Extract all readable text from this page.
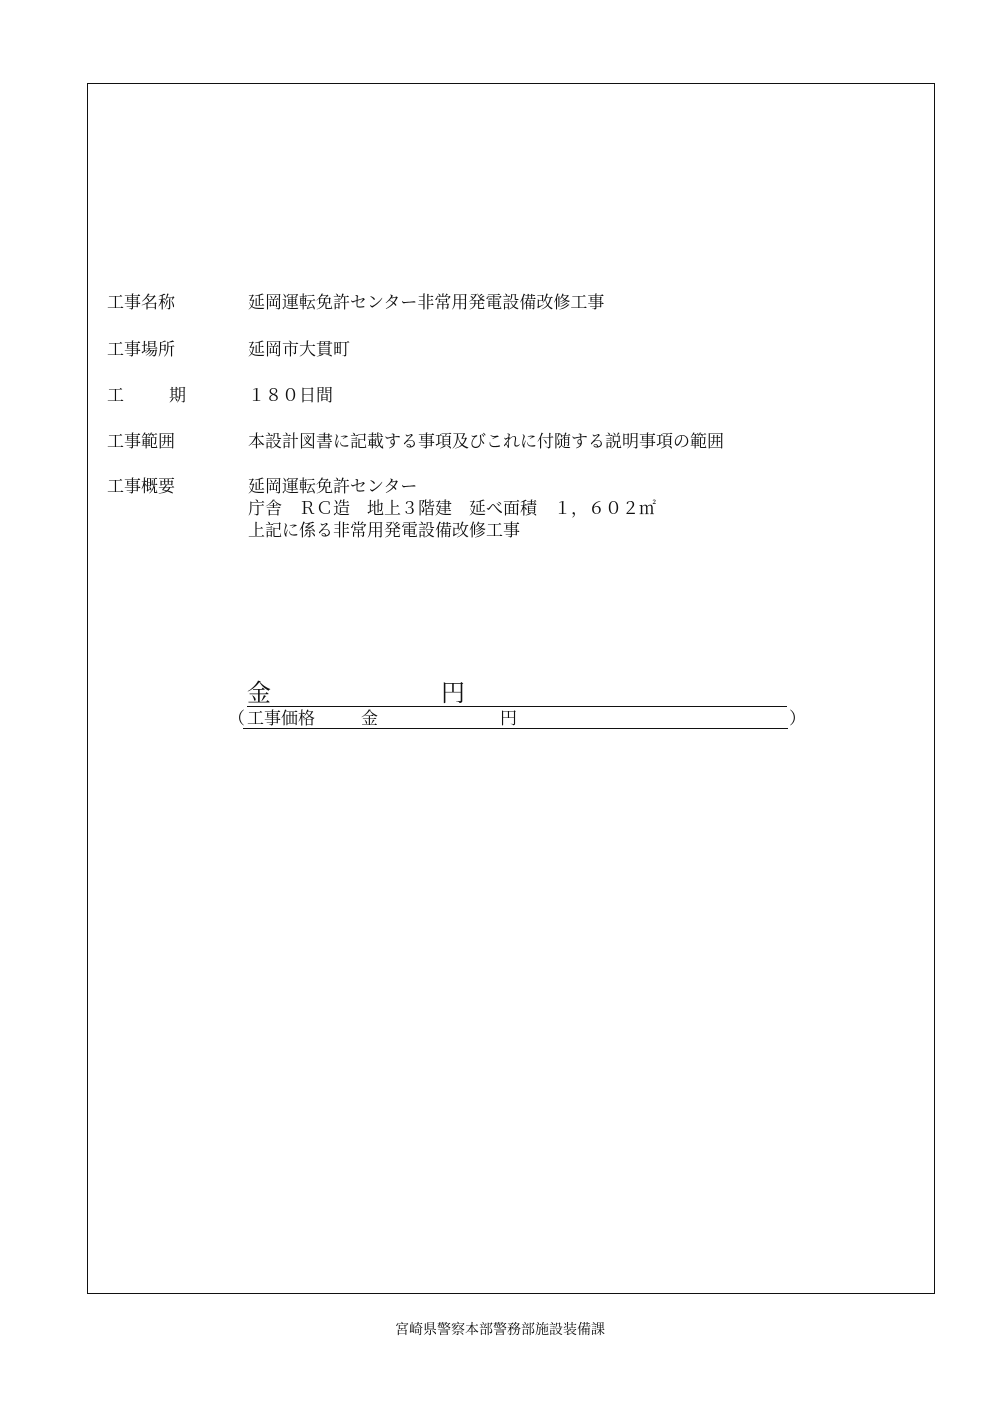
工事名称	延岡運転免許センター非常用発電設備改修工事
工事場所	延岡市大貫町
工	期	１８０日間
工事範囲	本設計図書に記載する事項及びこれに付随する説明事項の範囲
工事概要	延岡運転免許センター
庁舎　ＲＣ造　地上３階建　延べ面積　１，６０２㎡
上記に係る非常用発電設備改修工事
金	円
（ 工事価格	金	円	）
宮崎県警察本部警務部施設装備課
